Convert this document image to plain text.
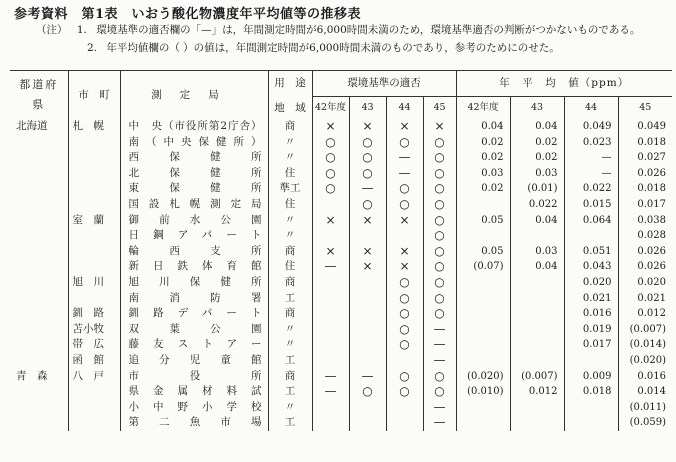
参考資料　第1表　いおう酸化物濃度年平均値等の推移表
（注） 1. 環境基準の適否欄の「—」は，年間測定時間が6,000時間未満のため，環境基準適否の判断がつかないものである。
2. 年平均値欄の（ ）の値は，年間測定時間が6,000時間未満のものであり，参考のためにのせた。
都道府県	市　町	測定局	用　途	環境基準の適否				年　平　均　値（ppm）			
			地　域	42年度	43	44	45	42年度	43	44	45
北海道	札　幌	中　央（市役所第2庁舎）	商	×	×	×	×	0.04	0.04	0.049	0.049
		南（中央保健所）	〃	○	○	○	○	0.02	0.02	0.023	0.018
		西保健所	〃	○	○	—	○	0.02	0.02	—	0.027
		北保健所	住	○	○	—	○	0.03	0.03	—	0.026
		東保健所	準工	○	—	○	○	0.02	(0.01)	0.022	0.018
		国設札幌測定局	住		○	○	○		0.022	0.015	0.017
	室　蘭	御前水公園	〃	×	×	×	○	0.05	0.04	0.064	0.038
		日鋼アパート	〃				○				0.028
		輪西支所	商	×	×	×	○	0.05	0.03	0.051	0.026
		新日鉄体育館	住	—	×	×	○	(0.07)	0.04	0.043	0.026
	旭　川	旭川保健所	商			○	○			0.020	0.020
		南消防署	工			○	○			0.021	0.021
	釧　路	釧路デパート	商			○	○			0.016	0.012
	苫小牧	双葉公園	〃			○	—			0.019	(0.007)
	帯　広	藤友ストアー	〃			○	—			0.017	(0.014)
	函　館	追分児童館	工				—				(0.020)
青　森	八　戸	市役所	商	—	—	○	○	(0.020)	(0.007)	0.009	0.016
		県金属材料試	工	—	○	○	○	(0.010)	0.012	0.018	0.014
		小中野小学校	〃				—				(0.011)
		第二魚市場	工				—				(0.059)
